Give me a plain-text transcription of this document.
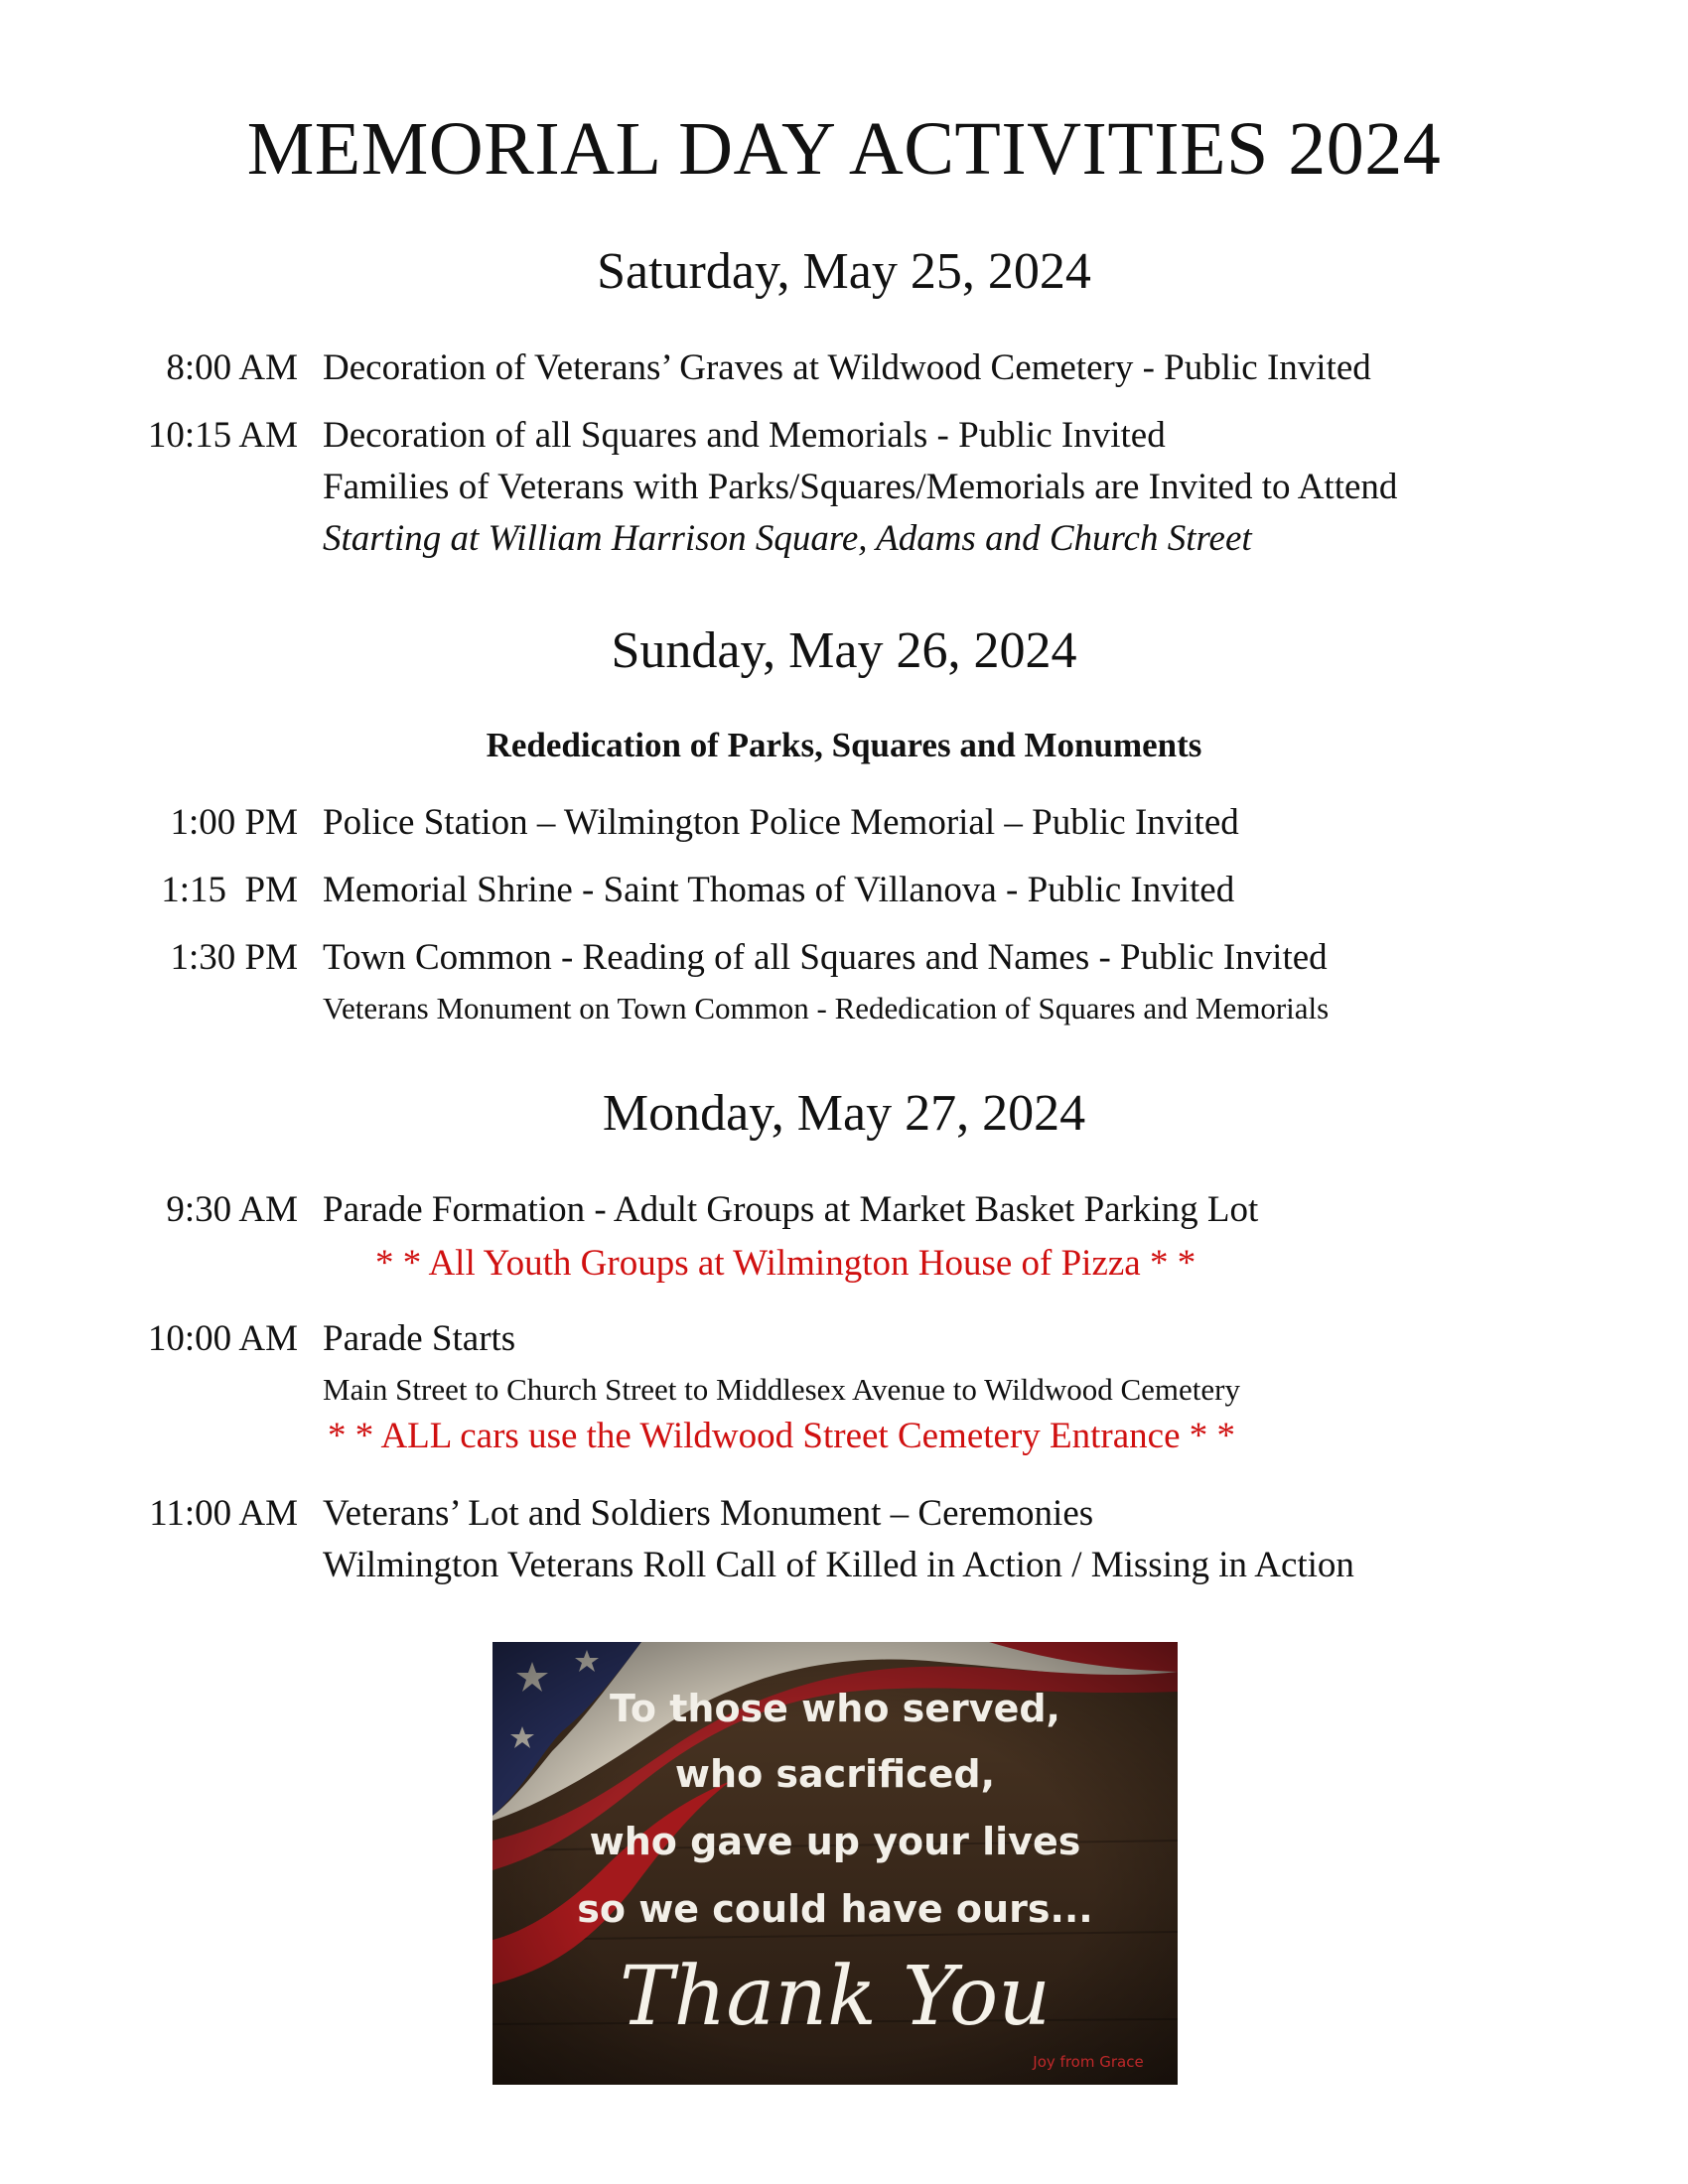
MEMORIAL DAY ACTIVITIES 2024
Saturday, May 25, 2024
8:00 AM Decoration of Veterans’ Graves at Wildwood Cemetery - Public Invited
10:15 AM Decoration of all Squares and Memorials - Public Invited
Families of Veterans with Parks/Squares/Memorials are Invited to Attend
Starting at William Harrison Square, Adams and Church Street
Sunday, May 26, 2024
Rededication of Parks, Squares and Monuments
1:00 PM Police Station – Wilmington Police Memorial – Public Invited
1:15  PM Memorial Shrine - Saint Thomas of Villanova - Public Invited
1:30 PM Town Common - Reading of all Squares and Names - Public Invited
Veterans Monument on Town Common - Rededication of Squares and Memorials
Monday, May 27, 2024
9:30 AM Parade Formation - Adult Groups at Market Basket Parking Lot
* * All Youth Groups at Wilmington House of Pizza * *
10:00 AM Parade Starts
Main Street to Church Street to Middlesex Avenue to Wildwood Cemetery
* * ALL cars use the Wildwood Street Cemetery Entrance * *
11:00 AM Veterans’ Lot and Soldiers Monument – Ceremonies
Wilmington Veterans Roll Call of Killed in Action / Missing in Action
To those who served,
who sacrificed,
who gave up your lives
so we could have ours...
Thank You
Joy from Grace
